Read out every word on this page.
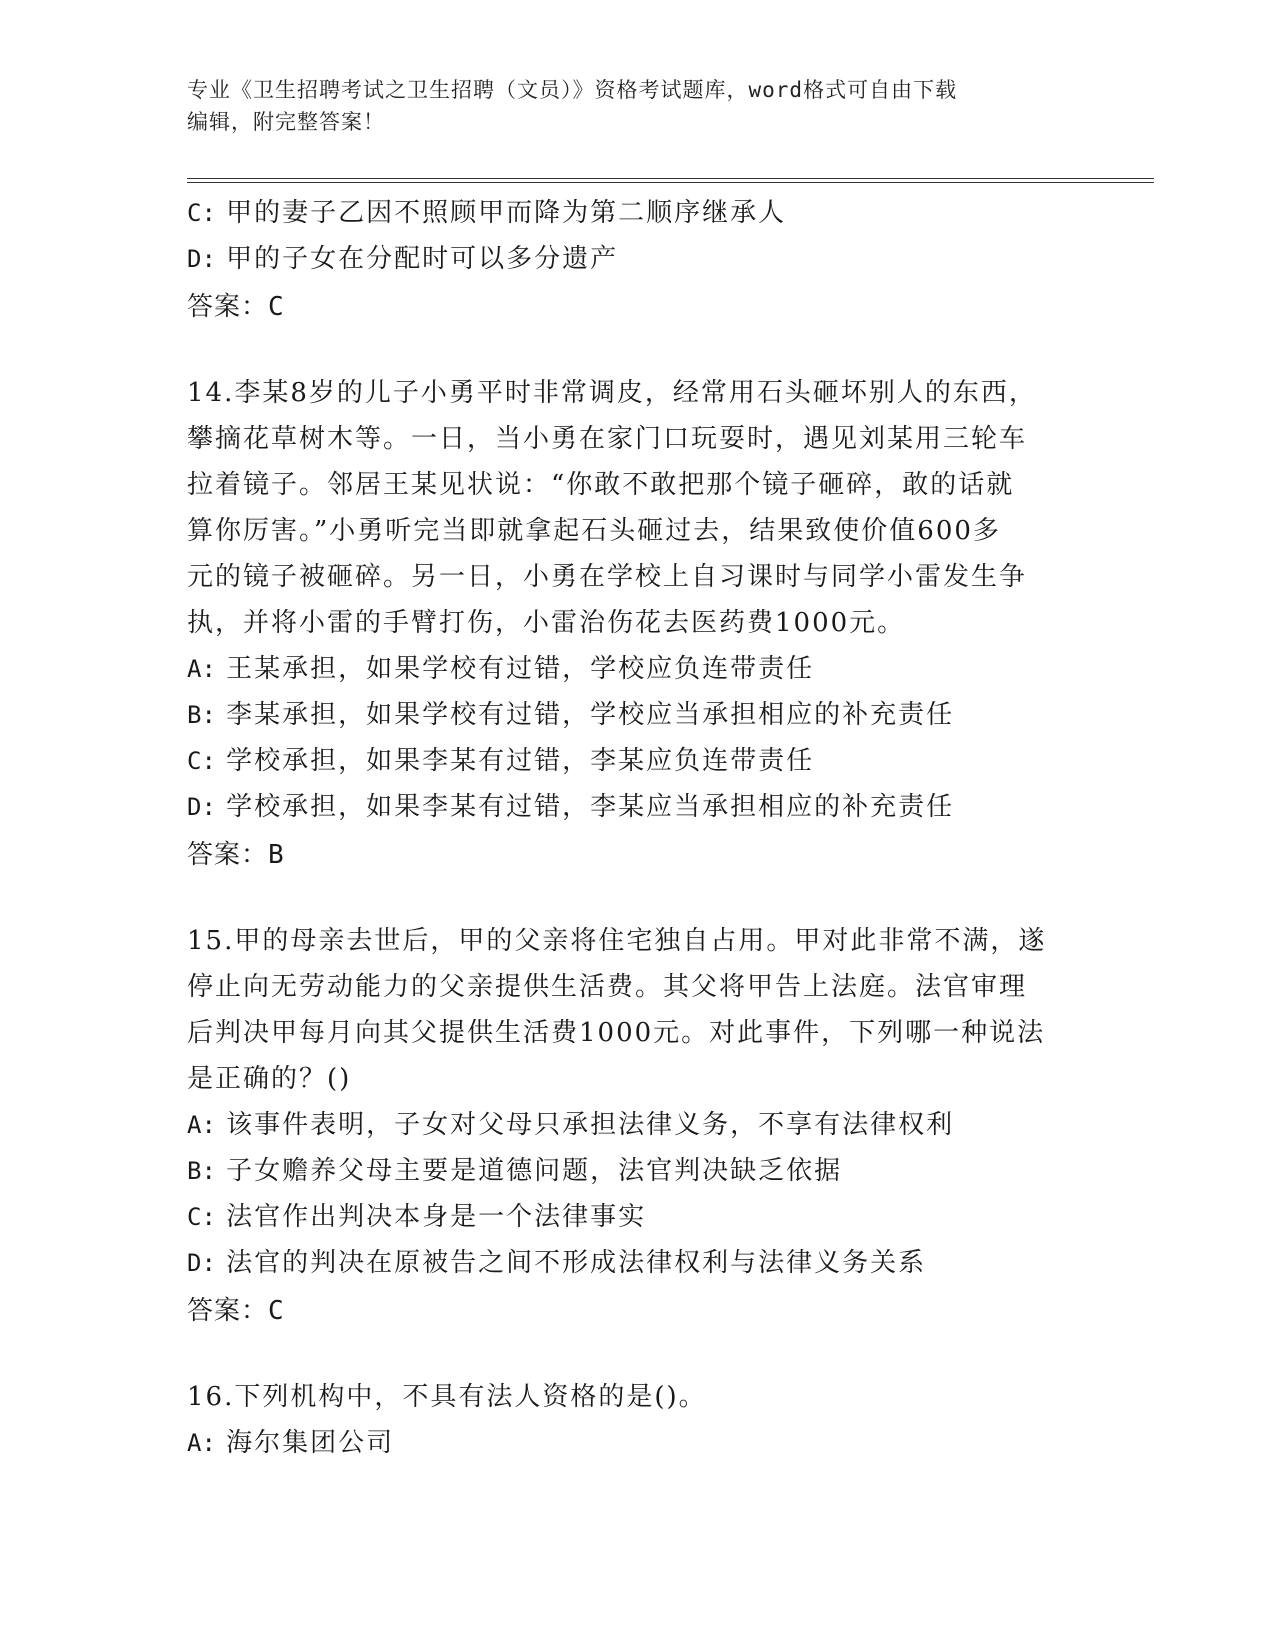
专业《卫生招聘考试之卫生招聘（文员）》资格考试题库，word格式可自由下载
编辑，附完整答案！
C: 甲的妻子乙因不照顾甲而降为第二顺序继承人
D: 甲的子女在分配时可以多分遗产
答案：C
14.李某8岁的儿子小勇平时非常调皮，经常用石头砸坏别人的东西，
攀摘花草树木等。一日，当小勇在家门口玩耍时，遇见刘某用三轮车
拉着镜子。邻居王某见状说：“你敢不敢把那个镜子砸碎，敢的话就
算你厉害。”小勇听完当即就拿起石头砸过去，结果致使价值600多
元的镜子被砸碎。另一日，小勇在学校上自习课时与同学小雷发生争
执，并将小雷的手臂打伤，小雷治伤花去医药费1000元。
A: 王某承担，如果学校有过错，学校应负连带责任
B: 李某承担，如果学校有过错，学校应当承担相应的补充责任
C: 学校承担，如果李某有过错，李某应负连带责任
D: 学校承担，如果李某有过错，李某应当承担相应的补充责任
答案：B
15.甲的母亲去世后，甲的父亲将住宅独自占用。甲对此非常不满，遂
停止向无劳动能力的父亲提供生活费。其父将甲告上法庭。法官审理
后判决甲每月向其父提供生活费1000元。对此事件，下列哪一种说法
是正确的？()
A: 该事件表明，子女对父母只承担法律义务，不享有法律权利
B: 子女赡养父母主要是道德问题，法官判决缺乏依据
C: 法官作出判决本身是一个法律事实
D: 法官的判决在原被告之间不形成法律权利与法律义务关系
答案：C
16.下列机构中，不具有法人资格的是()。
A: 海尔集团公司
